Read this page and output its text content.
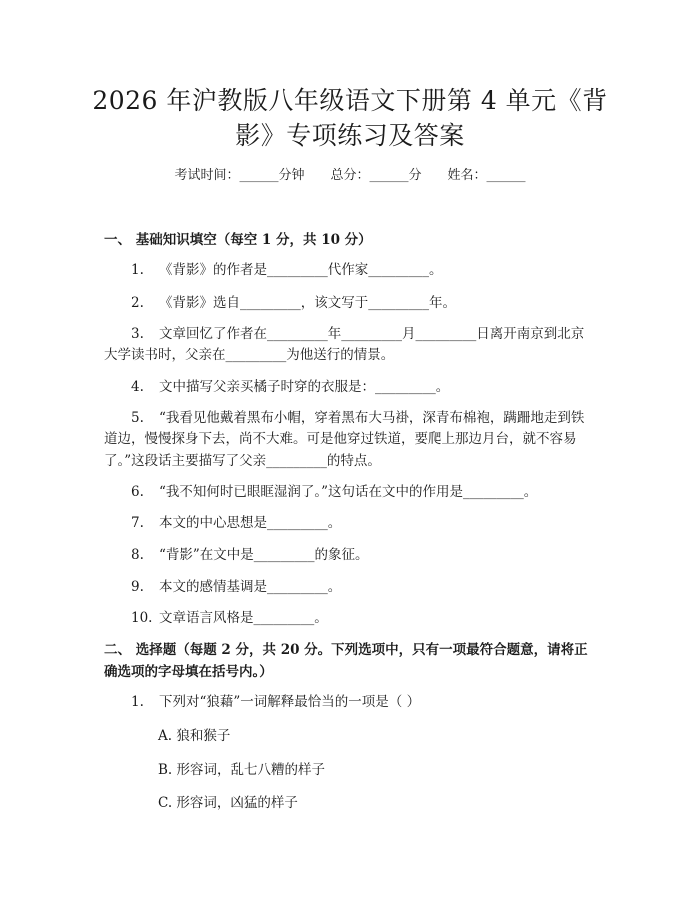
2026 年沪教版八年级语文下册第 4 单元《背
影》专项练习及答案
考试时间：______分钟 总分：______分 姓名：______
一、 基础知识填空（每空 1 分，共 10 分）
1. 《背影》的作者是_________代作家_________。
2. 《背影》选自_________，该文写于_________年。
3. 文章回忆了作者在_________年_________月_________日离开南京到北京
大学读书时，父亲在_________为他送行的情景。
4. 文中描写父亲买橘子时穿的衣服是：_________。
5. “我看见他戴着黑布小帽，穿着黑布大马褂，深青布棉袍，蹒跚地走到铁
道边，慢慢探身下去，尚不大难。可是他穿过铁道，要爬上那边月台，就不容易
了。”这段话主要描写了父亲_________的特点。
6. “我不知何时已眼眶湿润了。”这句话在文中的作用是_________。
7. 本文的中心思想是_________。
8. “背影”在文中是_________的象征。
9. 本文的感情基调是_________。
10. 文章语言风格是_________。
二、 选择题（每题 2 分，共 20 分。下列选项中，只有一项最符合题意，请将正
确选项的字母填在括号内。）
1. 下列对“狼藉”一词解释最恰当的一项是（ ）
A. 狼和猴子
B. 形容词，乱七八糟的样子
C. 形容词，凶猛的样子
